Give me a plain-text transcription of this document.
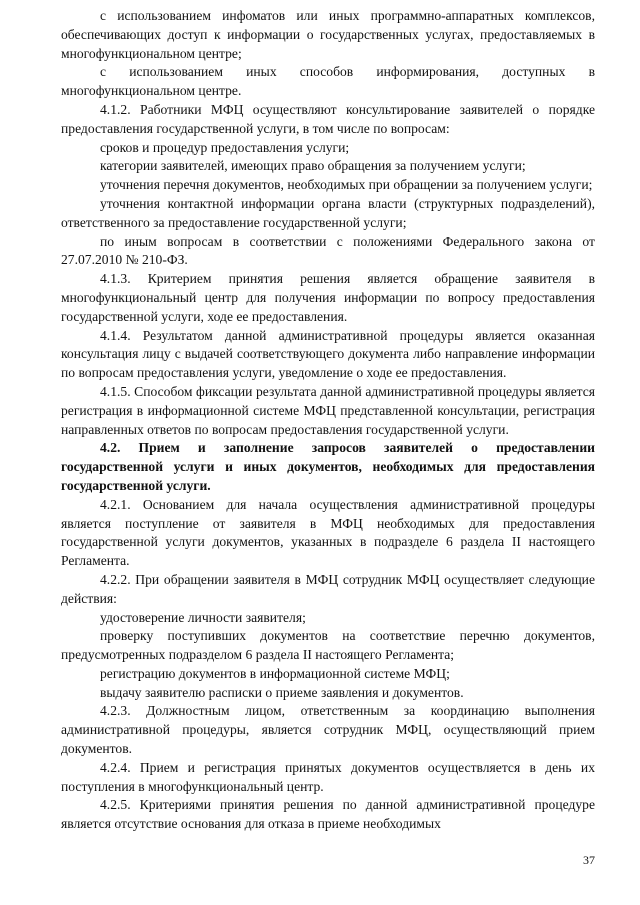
с использованием инфоматов или иных программно-аппаратных комплексов, обеспечивающих доступ к информации о государственных услугах, предоставляемых в многофункциональном центре;

с использованием иных способов информирования, доступных в многофункциональном центре.

4.1.2. Работники МФЦ осуществляют консультирование заявителей о порядке предоставления государственной услуги, в том числе по вопросам:

сроков и процедур предоставления услуги;

категории заявителей, имеющих право обращения за получением услуги;

уточнения перечня документов, необходимых при обращении за получением услуги;

уточнения контактной информации органа власти (структурных подразделений), ответственного за предоставление государственной услуги;

по иным вопросам в соответствии с положениями Федерального закона от 27.07.2010 № 210-ФЗ.

4.1.3. Критерием принятия решения является обращение заявителя в многофункциональный центр для получения информации по вопросу предоставления государственной услуги, ходе ее предоставления.

4.1.4. Результатом данной административной процедуры является оказанная консультация лицу с выдачей соответствующего документа либо направление информации по вопросам предоставления услуги, уведомление о ходе ее предоставления.

4.1.5. Способом фиксации результата данной административной процедуры является регистрация в информационной системе МФЦ представленной консультации, регистрация направленных ответов по вопросам предоставления государственной услуги.

4.2. Прием и заполнение запросов заявителей о предоставлении государственной услуги и иных документов, необходимых для предоставления государственной услуги.

4.2.1. Основанием для начала осуществления административной процедуры является поступление от заявителя в МФЦ необходимых для предоставления государственной услуги документов, указанных в подразделе 6 раздела II настоящего Регламента.

4.2.2. При обращении заявителя в МФЦ сотрудник МФЦ осуществляет следующие действия:

удостоверение личности заявителя;

проверку поступивших документов на соответствие перечню документов, предусмотренных подразделом 6 раздела II настоящего Регламента;

регистрацию документов в информационной системе МФЦ;

выдачу заявителю расписки о приеме заявления и документов.

4.2.3. Должностным лицом, ответственным за координацию выполнения административной процедуры, является сотрудник МФЦ, осуществляющий прием документов.

4.2.4. Прием и регистрация принятых документов осуществляется в день их поступления в многофункциональный центр.

4.2.5. Критериями принятия решения по данной административной процедуре является отсутствие основания для отказа в приеме необходимых

37
